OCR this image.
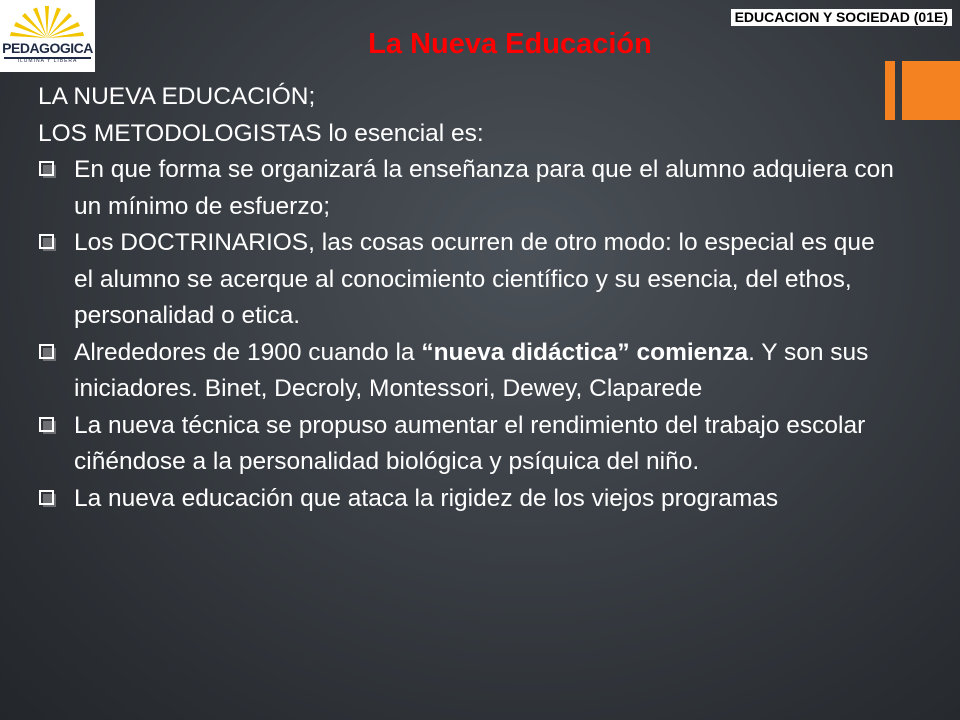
PEDAGOGICA
ILUMINA Y LIBERA
EDUCACION Y SOCIEDAD (01E)
La Nueva Educación
LA NUEVA EDUCACIÓN;
LOS METODOLOGISTAS lo esencial es:
En que forma se organizará la enseñanza para que el alumno adquiera con un mínimo de esfuerzo;
Los DOCTRINARIOS, las cosas ocurren de otro modo: lo especial es que el alumno se acerque al conocimiento científico y su esencia, del ethos, personalidad o etica.
Alrededores de 1900 cuando la “nueva didáctica” comienza. Y son sus iniciadores. Binet, Decroly, Montessori, Dewey, Claparede
La nueva técnica se propuso aumentar el rendimiento del trabajo escolar ciñéndose a la personalidad biológica y psíquica del niño.
La nueva educación que ataca la rigidez de los viejos programas
